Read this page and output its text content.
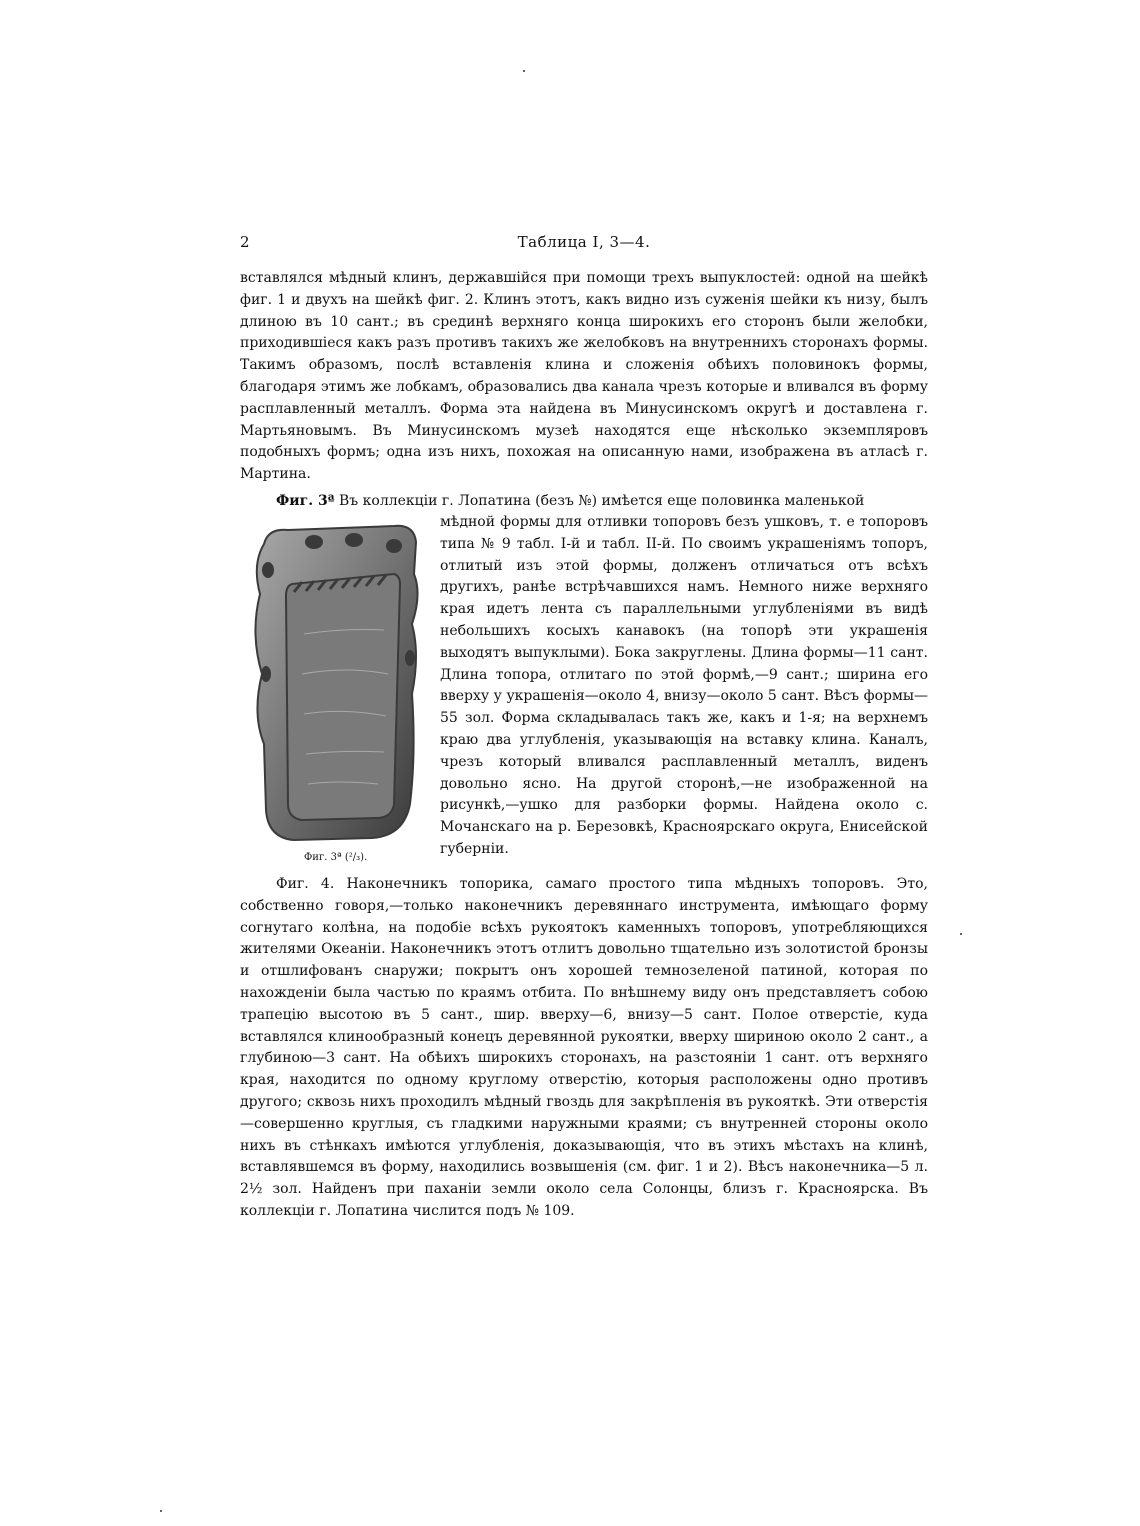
2	Таблица I, 3—4.

вставлялся мѣдный клинъ, державшійся при помощи трехъ выпуклостей: одной на шейкѣ фиг. 1 и двухъ на шейкѣ фиг. 2. Клинъ этотъ, какъ видно изъ суженія шейки къ низу, былъ длиною въ 10 сант.; въ срединѣ верхняго конца широкихъ его сторонъ были желобки, приходившіеся какъ разъ противъ такихъ же желобковъ на внутреннихъ сторонахъ формы. Такимъ образомъ, послѣ вставленія клина и сложенія обѣихъ половинокъ формы, благодаря этимъ же лобкамъ, образовались два канала чрезъ которые и вливался въ форму расплавленный металлъ. Форма эта найдена въ Минусинскомъ округѣ и доставлена г. Мартьяновымъ. Въ Минусинскомъ музеѣ находятся еще нѣсколько экземпляровъ подобныхъ формъ; одна изъ нихъ, похожая на описанную нами, изображена въ атласѣ г. Мартина.

Фиг. 3ª Въ коллекціи г. Лопатина (безъ №) имѣется еще половинка маленькой

мѣдной формы для отливки топоровъ безъ ушковъ, т. е топоровъ типа № 9 табл. I-й и табл. II-й. По своимъ украшеніямъ топоръ, отлитый изъ этой формы, долженъ отличаться отъ всѣхъ другихъ, ранѣе встрѣчавшихся намъ. Немного ниже верхняго края идетъ лента съ параллельными углубленіями въ видѣ небольшихъ косыхъ канавокъ (на топорѣ эти украшенія выходятъ выпуклыми). Бока закруглены. Длина формы—11 сант. Длина топора, отлитаго по этой формѣ,—9 сант.; ширина его вверху у украшенія—около 4, внизу—около 5 сант. Вѣсъ формы—55 зол. Форма складывалась такъ же, какъ и 1-я; на верхнемъ краю два углубленія, указывающія на вставку клина. Каналъ, чрезъ который вливался расплавленный металлъ, виденъ довольно ясно. На другой сторонѣ,—не изображенной на рисункѣ,—ушко для разборки формы. Найдена около с. Мочанскаго на р. Березовкѣ, Красноярскаго округа, Енисейской губерніи.

Фиг. 3ª (²/₃).

Фиг. 4. Наконечникъ топорика, самаго простого типа мѣдныхъ топоровъ. Это, собственно говоря,—только наконечникъ деревяннаго инструмента, имѣющаго форму согнутаго колѣна, на подобіе всѣхъ рукоятокъ каменныхъ топоровъ, употребляющихся жителями Океаніи. Наконечникъ этотъ отлитъ довольно тщательно изъ золотистой бронзы и отшлифованъ снаружи; покрытъ онъ хорошей темнозеленой патиной, которая по нахожденіи была частью по краямъ отбита. По внѣшнему виду онъ представляетъ собою трапецію высотою въ 5 сант., шир. вверху—6, внизу—5 сант. Полое отверстіе, куда вставлялся клинообразный конецъ деревянной рукоятки, вверху шириною около 2 сант., а глубиною—3 сант. На обѣихъ широкихъ сторонахъ, на разстояніи 1 сант. отъ верхняго края, находится по одному круглому отверстію, которыя расположены одно противъ другого; сквозь нихъ проходилъ мѣдный гвоздь для закрѣпленія въ рукояткѣ. Эти отверстія—совершенно круглыя, съ гладкими наружными краями; съ внутренней стороны около нихъ въ стѣнкахъ имѣются углубленія, доказывающія, что въ этихъ мѣстахъ на клинѣ, вставлявшемся въ форму, находились возвышенія (см. фиг. 1 и 2). Вѣсъ наконечника—5 л. 2½ зол. Найденъ при пахaніи земли около села Солонцы, близъ г. Красноярска. Въ коллекціи г. Лопатина числится подъ № 109.
